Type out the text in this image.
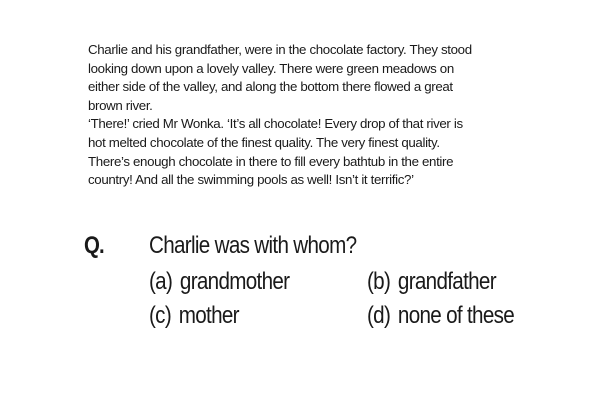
Charlie and his grandfather, were in the chocolate factory. They stood
looking down upon a lovely valley. There were green meadows on
either side of the valley, and along the bottom there flowed a great
brown river.
‘There!’ cried Mr Wonka. ‘It’s all chocolate! Every drop of that river is
hot melted chocolate of the finest quality. The very finest quality.
There’s enough chocolate in there to fill every bathtub in the entire
country! And all the swimming pools as well! Isn’t it terrific?’
Q. Charlie was with whom?
(a) grandmother	(b) grandfather
(c) mother	(d) none of these
